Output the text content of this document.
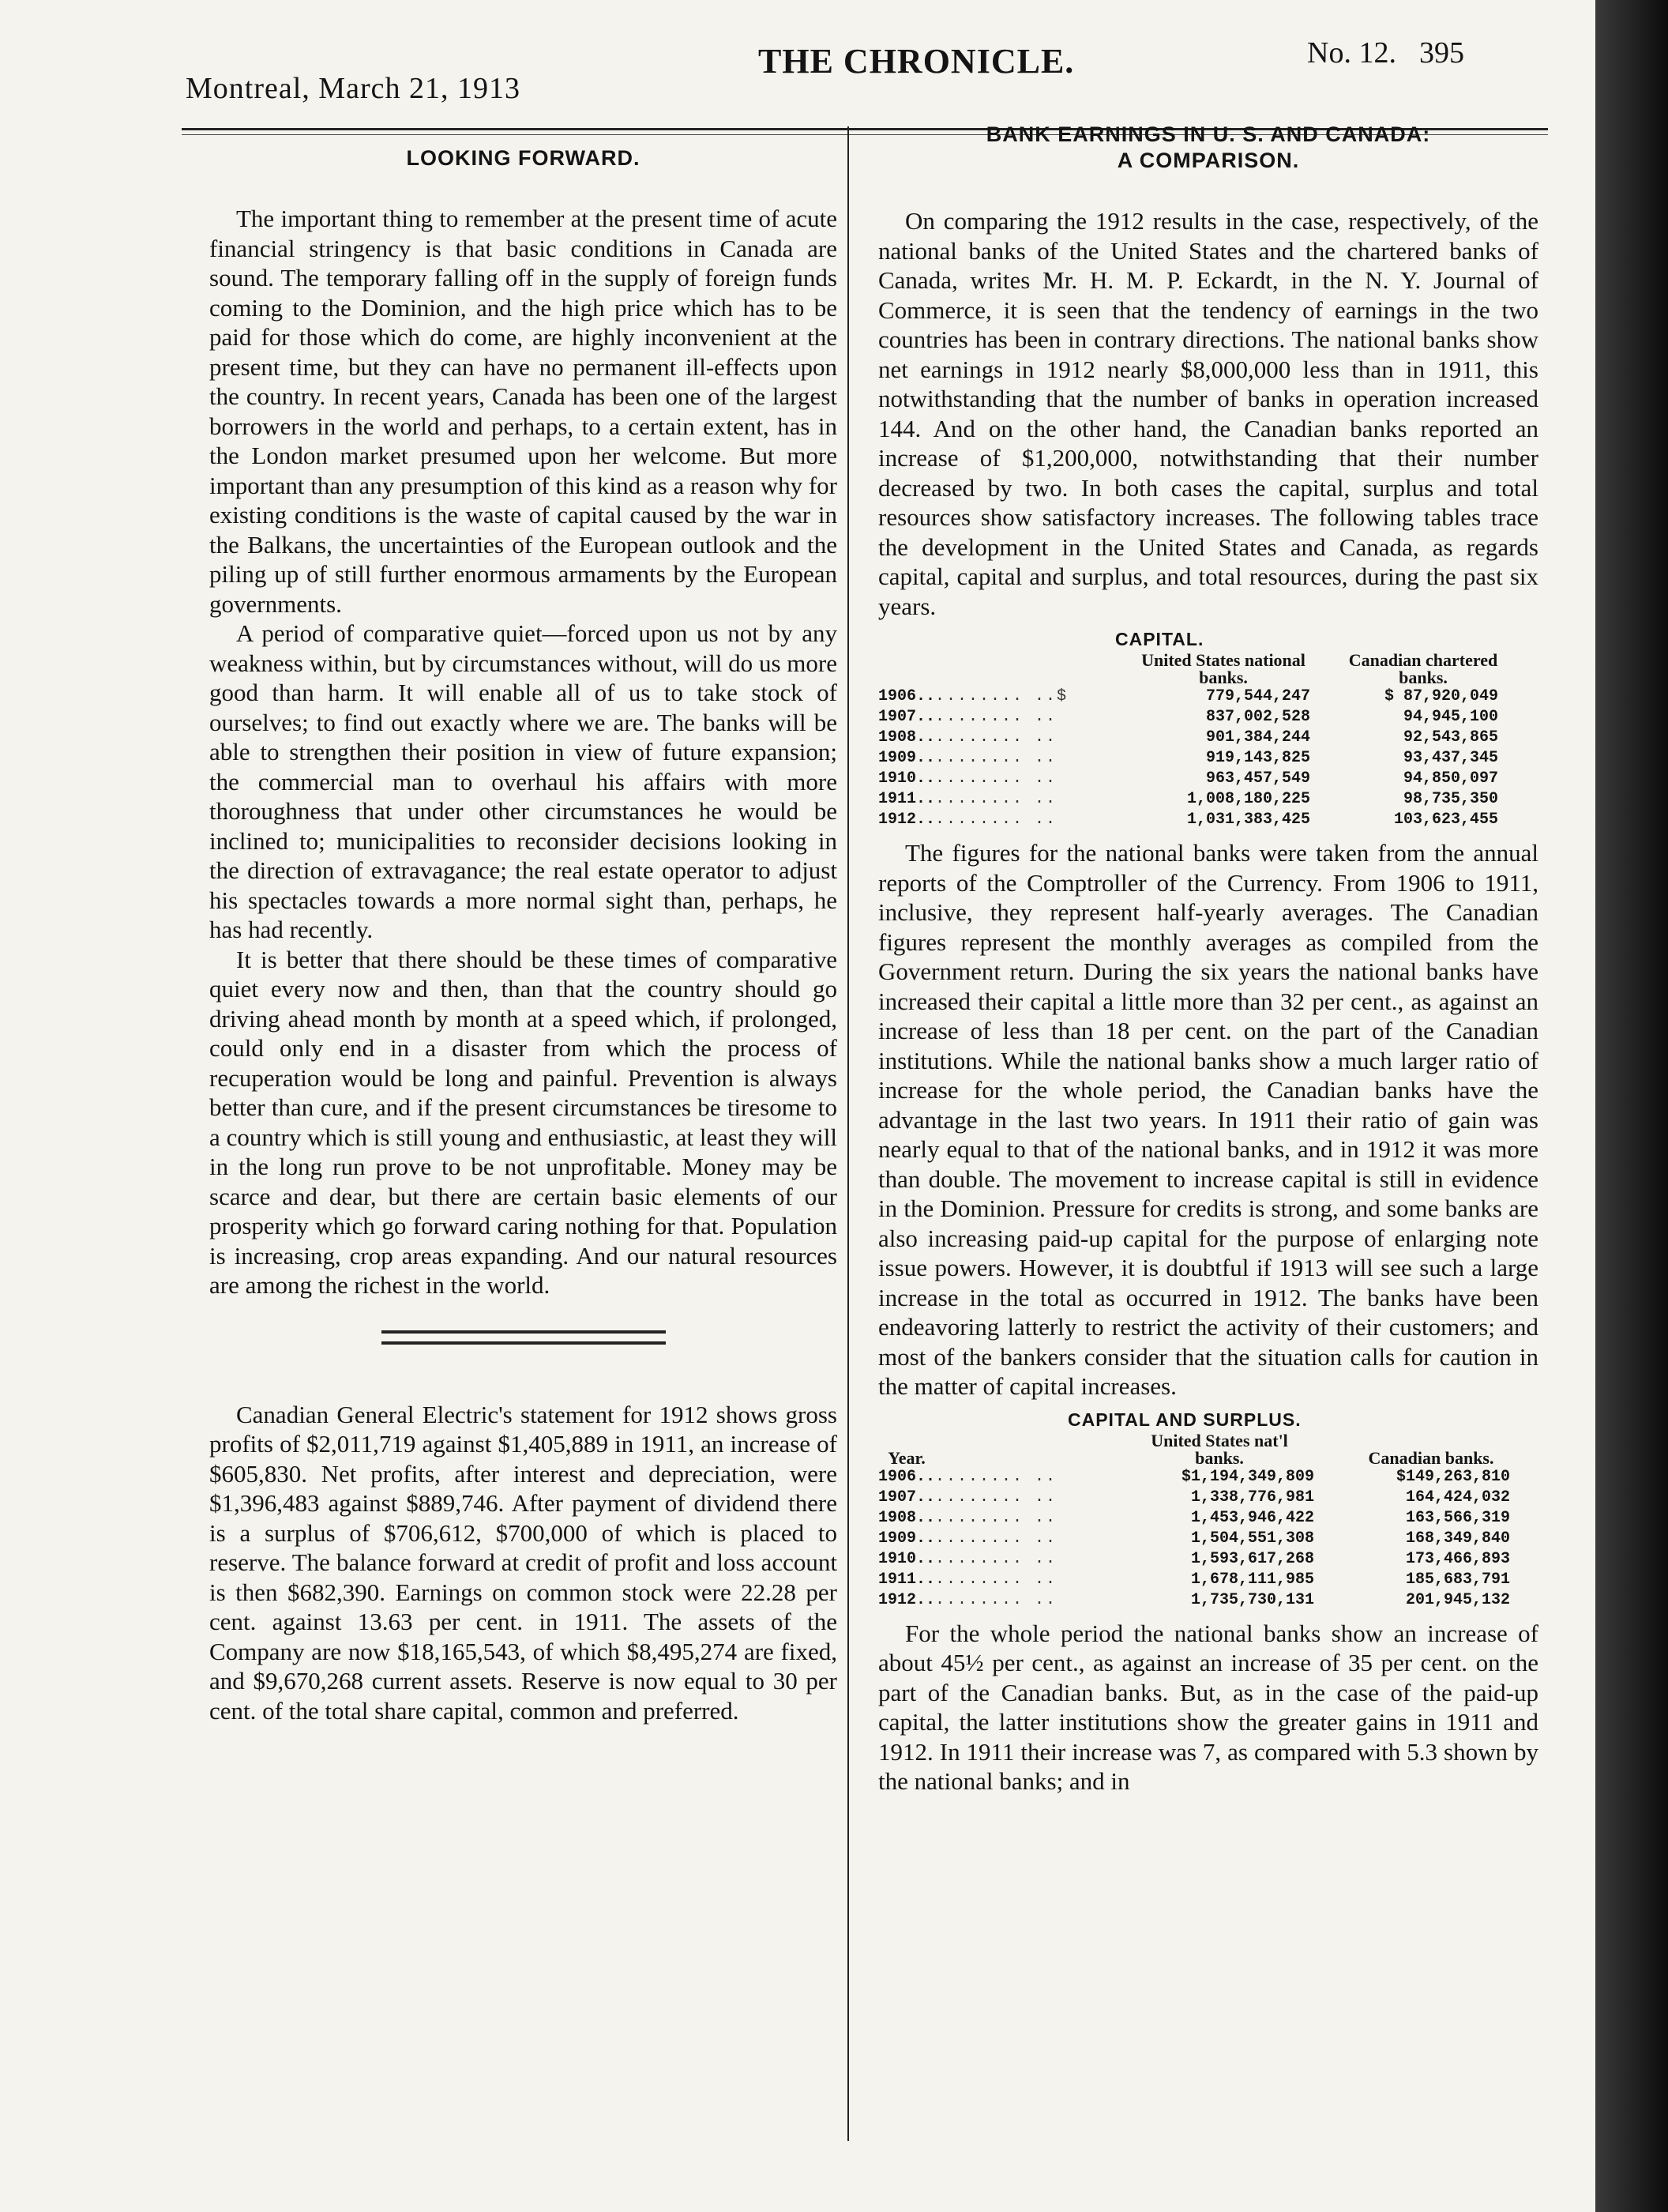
Montreal, March 21, 1913
THE CHRONICLE.	No. 12. 395
LOOKING FORWARD.

The important thing to remember at the present time of acute financial stringency is that basic conditions in Canada are sound. The temporary falling off in the supply of foreign funds coming to the Dominion, and the high price which has to be paid for those which do come, are highly inconvenient at the present time, but they can have no permanent ill-effects upon the country. In recent years, Canada has been one of the largest borrowers in the world and perhaps, to a certain extent, has in the London market presumed upon her welcome. But more important than any presumption of this kind as a reason why for existing conditions is the waste of capital caused by the war in the Balkans, the uncertainties of the European outlook and the piling up of still further enormous armaments by the European governments.

A period of comparative quiet—forced upon us not by any weakness within, but by circumstances without, will do us more good than harm. It will enable all of us to take stock of ourselves; to find out exactly where we are. The banks will be able to strengthen their position in view of future expansion; the commercial man to overhaul his affairs with more thoroughness that under other circumstances he would be inclined to; municipalities to reconsider decisions looking in the direction of extravagance; the real estate operator to adjust his spectacles towards a more normal sight than, perhaps, he has had recently.

It is better that there should be these times of comparative quiet every now and then, than that the country should go driving ahead month by month at a speed which, if prolonged, could only end in a disaster from which the process of recuperation would be long and painful. Prevention is always better than cure, and if the present circumstances be tiresome to a country which is still young and enthusiastic, at least they will in the long run prove to be not unprofitable. Money may be scarce and dear, but there are certain basic elements of our prosperity which go forward caring nothing for that. Population is increasing, crop areas expanding. And our natural resources are among the richest in the world.

Canadian General Electric's statement for 1912 shows gross profits of $2,011,719 against $1,405,889 in 1911, an increase of $605,830. Net profits, after interest and depreciation, were $1,396,483 against $889,746. After payment of dividend there is a surplus of $706,612, $700,000 of which is placed to reserve. The balance forward at credit of profit and loss account is then $682,390. Earnings on common stock were 22.28 per cent. against 13.63 per cent. in 1911. The assets of the Company are now $18,165,543, of which $8,495,274 are fixed, and $9,670,268 current assets. Reserve is now equal to 30 per cent. of the total share capital, common and preferred.

BANK EARNINGS IN U. S. AND CANADA:
A COMPARISON.

On comparing the 1912 results in the case, respectively, of the national banks of the United States and the chartered banks of Canada, writes Mr. H. M. P. Eckardt, in the N. Y. Journal of Commerce, it is seen that the tendency of earnings in the two countries has been in contrary directions. The national banks show net earnings in 1912 nearly $8,000,000 less than in 1911, this notwithstanding that the number of banks in operation increased 144. And on the other hand, the Canadian banks reported an increase of $1,200,000, notwithstanding that their number decreased by two. In both cases the capital, surplus and total resources show satisfactory increases. The following tables trace the development in the United States and Canada, as regards capital, capital and surplus, and total resources, during the past six years.

CAPITAL.
		United States national banks.		Canadian chartered banks.
1906..	........ ..$	779,544,247		$ 87,920,049
1907..	........ ..	837,002,528		94,945,100
1908..	........ ..	901,384,244		92,543,865
1909..	........ ..	919,143,825		93,437,345
1910..	........ ..	963,457,549		94,850,097
1911..	........ ..	1,008,180,225		98,735,350
1912..	........ ..	1,031,383,425		103,623,455

The figures for the national banks were taken from the annual reports of the Comptroller of the Currency. From 1906 to 1911, inclusive, they represent half-yearly averages. The Canadian figures represent the monthly averages as compiled from the Government return. During the six years the national banks have increased their capital a little more than 32 per cent., as against an increase of less than 18 per cent. on the part of the Canadian institutions. While the national banks show a much larger ratio of increase for the whole period, the Canadian banks have the advantage in the last two years. In 1911 their ratio of gain was nearly equal to that of the national banks, and in 1912 it was more than double. The movement to increase capital is still in evidence in the Dominion. Pressure for credits is strong, and some banks are also increasing paid-up capital for the purpose of enlarging note issue powers. However, it is doubtful if 1913 will see such a large increase in the total as occurred in 1912. The banks have been endeavoring latterly to restrict the activity of their customers; and most of the bankers consider that the situation calls for caution in the matter of capital increases.

CAPITAL AND SURPLUS.
Year.		United States nat'l banks.		Canadian banks.
1906..	........ ..	$1,194,349,809		$149,263,810
1907..	........ ..	1,338,776,981		164,424,032
1908..	........ ..	1,453,946,422		163,566,319
1909..	........ ..	1,504,551,308		168,349,840
1910..	........ ..	1,593,617,268		173,466,893
1911..	........ ..	1,678,111,985		185,683,791
1912..	........ ..	1,735,730,131		201,945,132

For the whole period the national banks show an increase of about 45½ per cent., as against an increase of 35 per cent. on the part of the Canadian banks. But, as in the case of the paid-up capital, the latter institutions show the greater gains in 1911 and 1912. In 1911 their increase was 7, as compared with 5.3 shown by the national banks; and in
